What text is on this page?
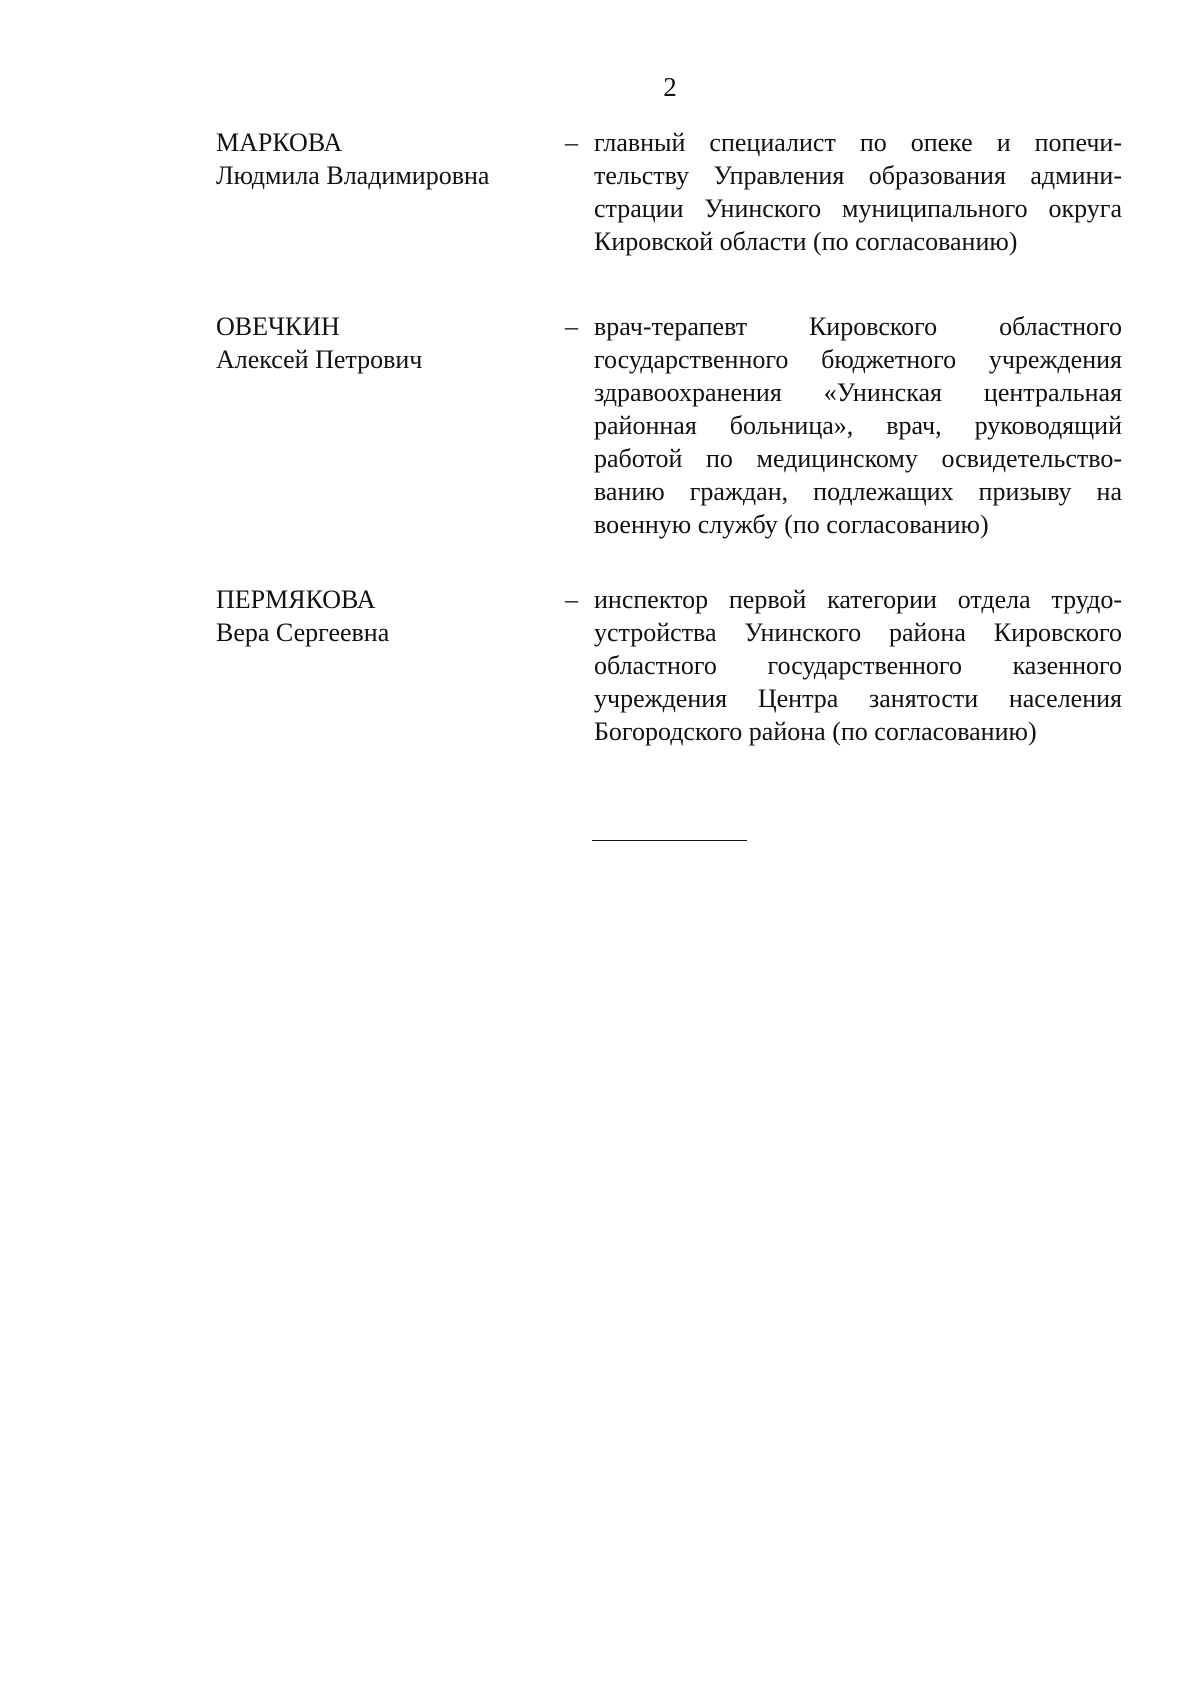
2
МАРКОВА
Людмила Владимировна
– главный специалист по опеке и попечи-
тельству Управления образования админи-
страции Унинского муниципального округа
Кировской области (по согласованию)
ОВЕЧКИН
Алексей Петрович
– врач-терапевт Кировского областного
государственного бюджетного учреждения
здравоохранения «Унинская центральная
районная больница», врач, руководящий
работой по медицинскому освидетельство-
ванию граждан, подлежащих призыву на
военную службу (по согласованию)
ПЕРМЯКОВА
Вера Сергеевна
– инспектор первой категории отдела трудо-
устройства Унинского района Кировского
областного государственного казенного
учреждения Центра занятости населения
Богородского района (по согласованию)
